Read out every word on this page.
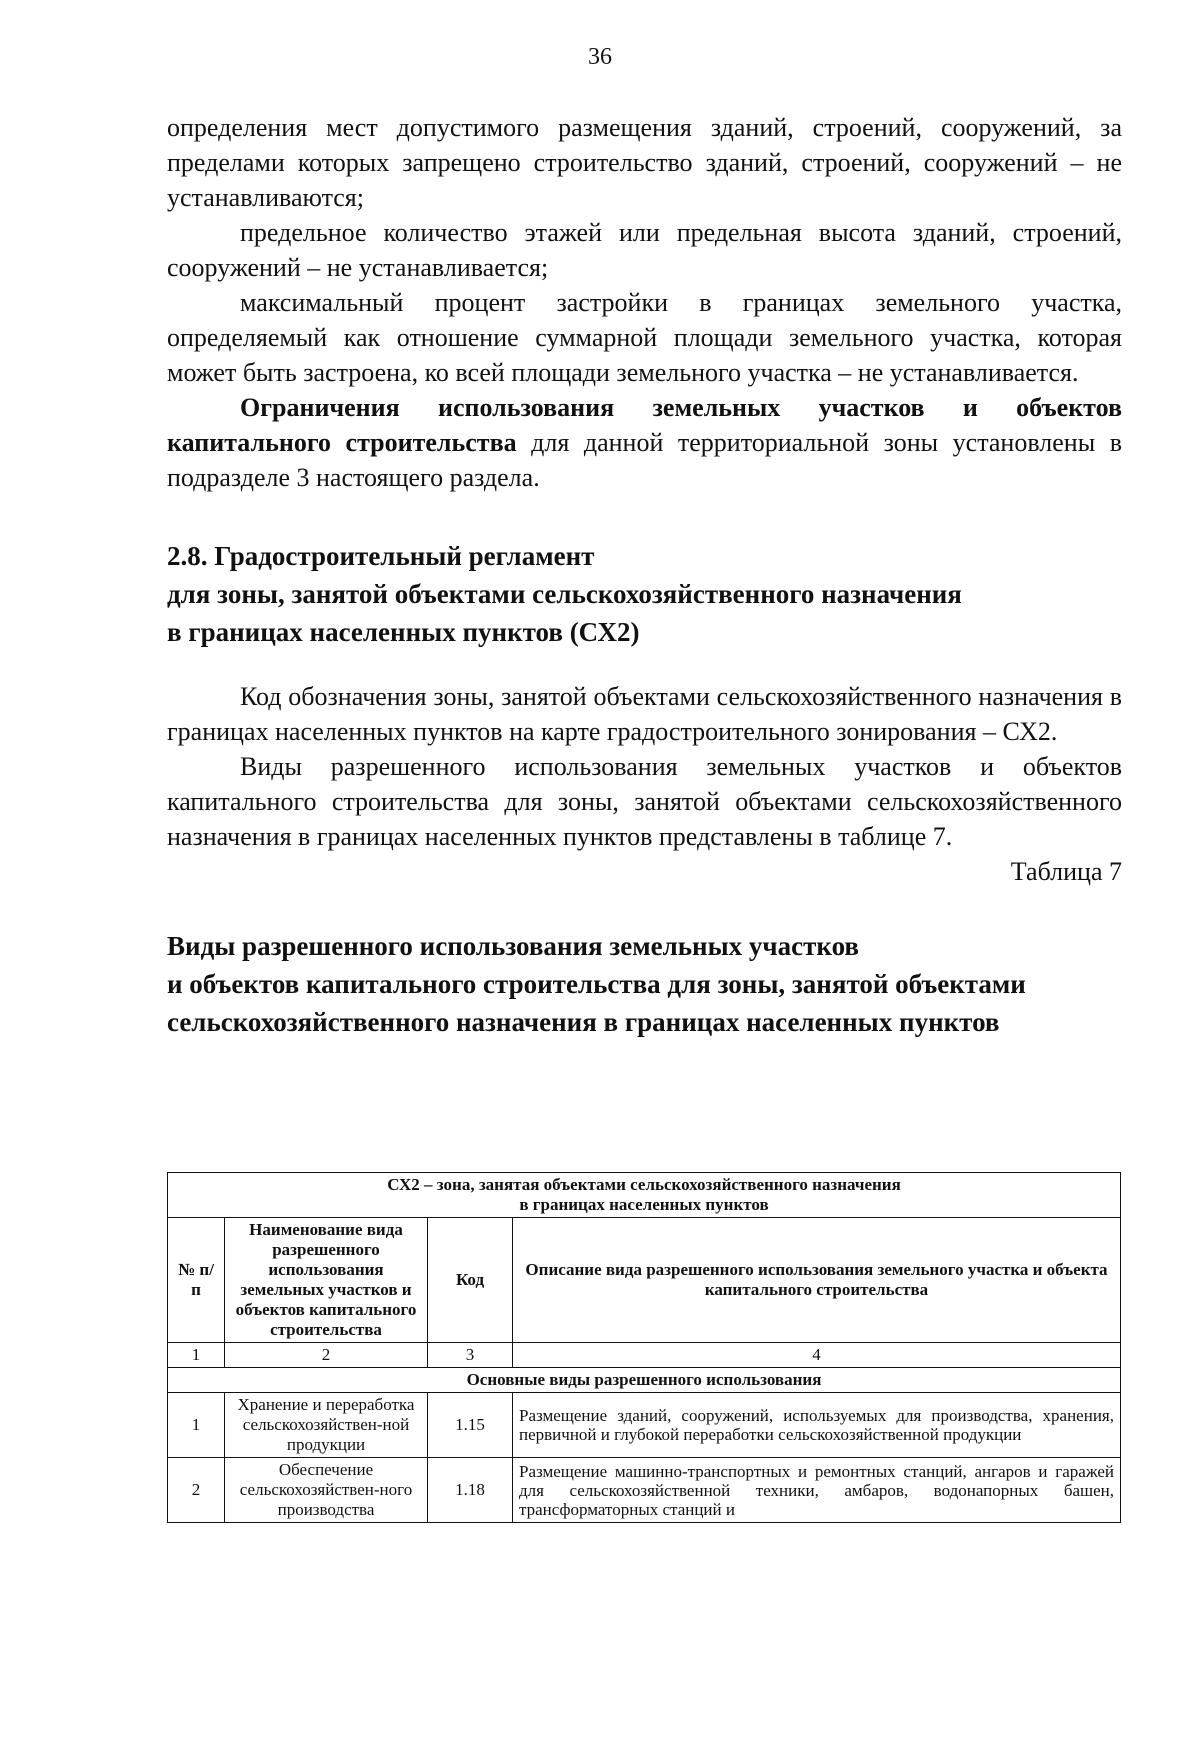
36

определения мест допустимого размещения зданий, строений, сооружений, за пределами которых запрещено строительство зданий, строений, сооружений – не устанавливаются;

предельное количество этажей или предельная высота зданий, строений, сооружений – не устанавливается;

максимальный процент застройки в границах земельного участка, определяемый как отношение суммарной площади земельного участка, которая может быть застроена, ко всей площади земельного участка – не устанавливается.

Ограничения использования земельных участков и объектов капитального строительства для данной территориальной зоны установлены в подразделе 3 настоящего раздела.

2.8. Градостроительный регламент
для зоны, занятой объектами сельскохозяйственного назначения
в границах населенных пунктов (СХ2)

Код обозначения зоны, занятой объектами сельскохозяйственного назначения в границах населенных пунктов на карте градостроительного зонирования – СХ2.

Виды разрешенного использования земельных участков и объектов капитального строительства для зоны, занятой объектами сельскохозяйственного назначения в границах населенных пунктов представлены в таблице 7.

Таблица 7

Виды разрешенного использования земельных участков
и объектов капитального строительства для зоны, занятой объектами
сельскохозяйственного назначения в границах населенных пунктов

СХ2 – зона, занятая объектами сельскохозяйственного назначения
в границах населенных пунктов			

№ п/п	Наименование вида разрешенного использования земельных участков и объектов капитального строительства	Код	Описание вида разрешенного использования земельного участка и объекта капитального строительства
1	2	3	4
Основные виды разрешенного использования			
1	Хранение и переработка сельскохозяйствен-ной продукции	1.15	Размещение зданий, сооружений, используемых для производства, хранения, первичной и глубокой переработки сельскохозяйственной продукции
2	Обеспечение сельскохозяйствен-ного производства	1.18	Размещение машинно-транспортных и ремонтных станций, ангаров и гаражей для сельскохозяйственной техники, амбаров, водонапорных башен, трансформаторных станций и
